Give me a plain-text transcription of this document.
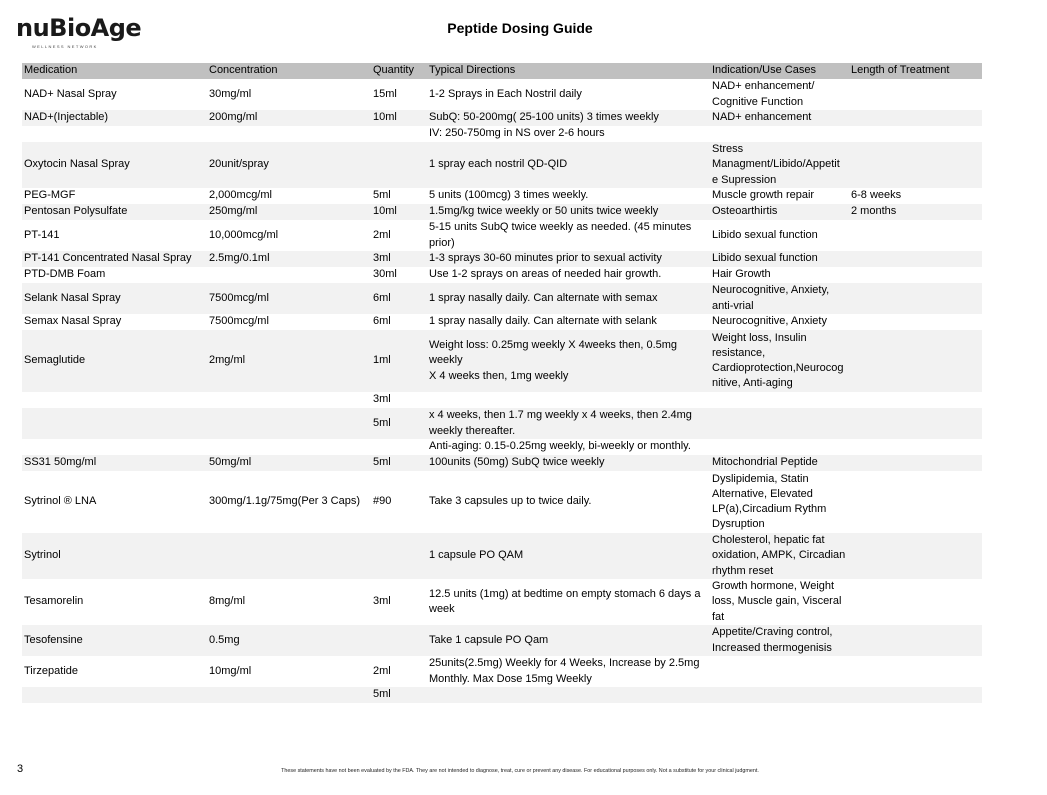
nuBioAge
WELLNESS NETWORK
Peptide Dosing Guide
Medication	Concentration	Quantity	Typical Directions	Indication/Use Cases	Length of Treatment
NAD+ Nasal Spray	30mg/ml	15ml	1-2 Sprays in Each Nostril daily	NAD+ enhancement/
Cognitive Function	
NAD+(Injectable)	200mg/ml	10ml	SubQ: 50-200mg( 25-100 units) 3 times weekly	NAD+ enhancement	
			IV: 250-750mg in NS over 2-6 hours		
Oxytocin Nasal Spray	20unit/spray		1 spray each nostril QD-QID	Stress
Managment/Libido/Appetit
e Supression	
PEG-MGF	2,000mcg/ml	5ml	5 units (100mcg) 3 times weekly.	Muscle growth repair	6-8 weeks
Pentosan Polysulfate	250mg/ml	10ml	1.5mg/kg twice weekly or 50 units twice weekly	Osteoarthirtis	2 months
PT-141	10,000mcg/ml	2ml	5-15 units SubQ twice weekly as needed. (45 minutes
prior)	Libido sexual function	
PT-141 Concentrated Nasal Spray	2.5mg/0.1ml	3ml	1-3 sprays 30-60 minutes prior to sexual activity	Libido sexual function	
PTD-DMB Foam		30ml	Use 1-2 sprays on areas of needed hair growth.	Hair Growth	
Selank Nasal Spray	7500mcg/ml	6ml	1 spray nasally daily. Can alternate with semax	Neurocognitive, Anxiety,
anti-vrial	
Semax Nasal Spray	7500mcg/ml	6ml	1 spray nasally daily. Can alternate with selank	Neurocognitive, Anxiety	
Semaglutide	2mg/ml	1ml	Weight loss: 0.25mg weekly X 4weeks then, 0.5mg weekly
X 4 weeks then, 1mg weekly	Weight loss, Insulin
resistance,
Cardioprotection,Neurocog
nitive, Anti-aging	
		3ml			
		5ml	x 4 weeks, then 1.7 mg weekly x 4 weeks, then 2.4mg
weekly thereafter.		
			Anti-aging: 0.15-0.25mg weekly, bi-weekly or monthly.		
SS31 50mg/ml	50mg/ml	5ml	100units (50mg) SubQ twice weekly	Mitochondrial Peptide	
Sytrinol ® LNA	300mg/1.1g/75mg(Per 3 Caps)	#90	Take 3 capsules up to twice daily.	Dyslipidemia, Statin
Alternative, Elevated
LP(a),Circadium Rythm
Dysruption	
Sytrinol			1 capsule PO QAM	Cholesterol, hepatic fat
oxidation, AMPK, Circadian
rhythm reset	
Tesamorelin	8mg/ml	3ml	12.5 units (1mg) at bedtime on empty stomach 6 days a
week	Growth hormone, Weight
loss, Muscle gain, Visceral
fat	
Tesofensine	0.5mg		Take 1 capsule PO Qam	Appetite/Craving control,
Increased thermogenisis	
Tirzepatide	10mg/ml	2ml	25units(2.5mg) Weekly for 4 Weeks, Increase by 2.5mg
Monthly. Max Dose 15mg Weekly		
		5ml			
3	These statements have not been evaluated by the FDA. They are not intended to diagnose, treat, cure or prevent any disease. For educational purposes only. Not a substitute for your clinical judgment.
